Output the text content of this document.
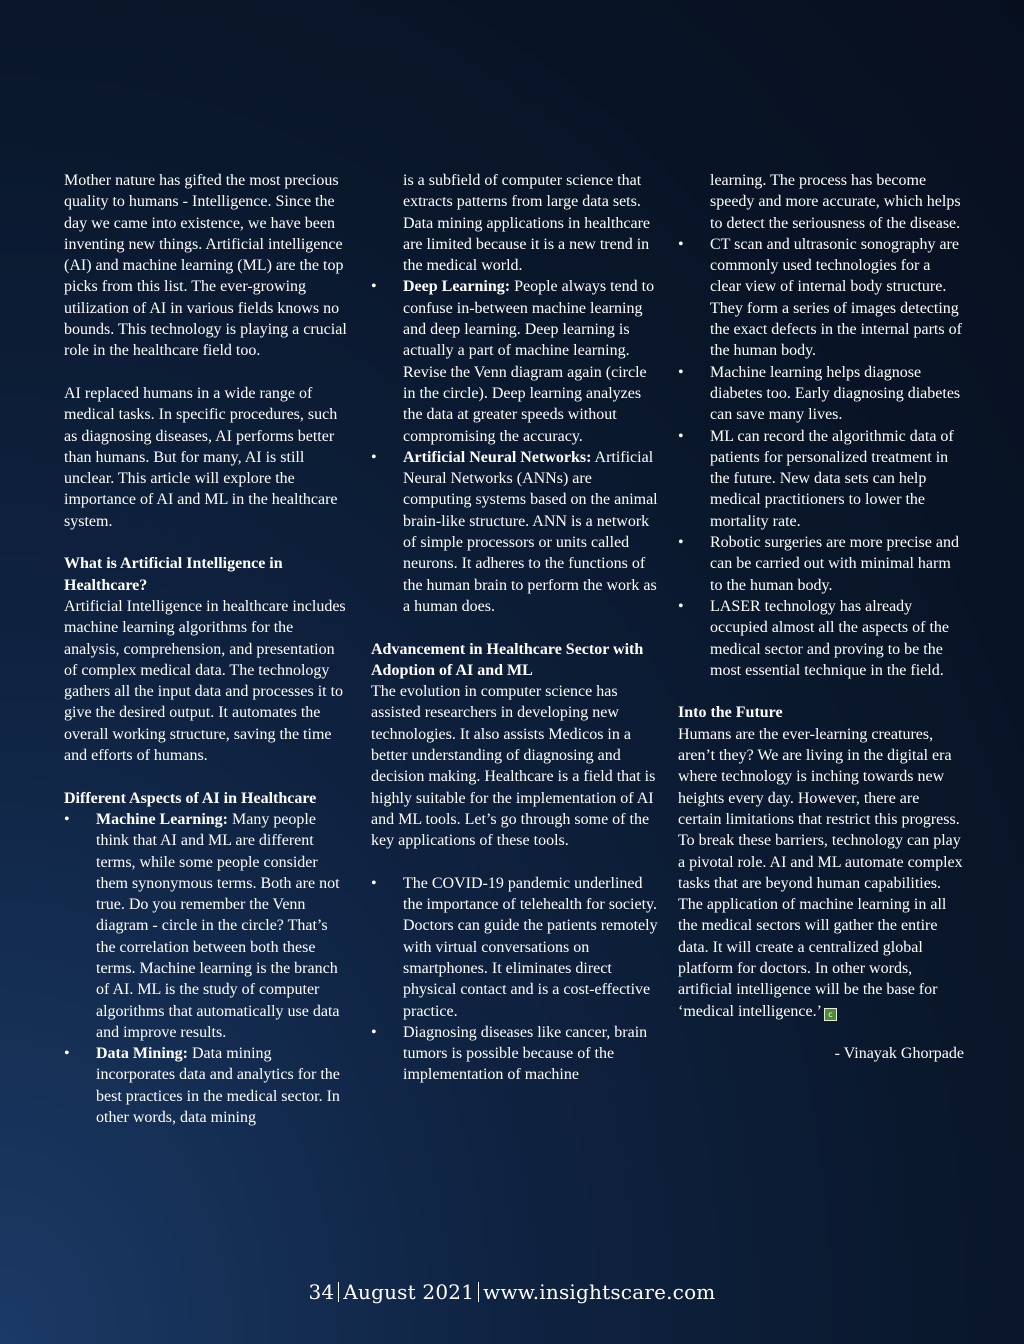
Mother nature has gifted the most precious quality to humans - Intelligence. Since the day we came into existence, we have been inventing new things. Artificial intelligence (AI) and machine learning (ML) are the top picks from this list. The ever-growing utilization of AI in various fields knows no bounds. This technology is playing a crucial role in the healthcare field too.

AI replaced humans in a wide range of medical tasks. In specific procedures, such as diagnosing diseases, AI performs better than humans. But for many, AI is still unclear. This article will explore the importance of AI and ML in the healthcare system.

What is Artificial Intelligence in Healthcare?

Artificial Intelligence in healthcare includes machine learning algorithms for the analysis, comprehension, and presentation of complex medical data. The technology gathers all the input data and processes it to give the desired output. It automates the overall working structure, saving the time and efforts of humans.

Different Aspects of AI in Healthcare

• Machine Learning: Many people think that AI and ML are different terms, while some people consider them synonymous terms. Both are not true. Do you remember the Venn diagram - circle in the circle? That’s the correlation between both these terms. Machine learning is the branch of AI. ML is the study of computer algorithms that automatically use data and improve results.
• Data Mining: Data mining incorporates data and analytics for the best practices in the medical sector. In other words, data mining
is a subfield of computer science that extracts patterns from large data sets. Data mining applications in healthcare are limited because it is a new trend in the medical world.
• Deep Learning: People always tend to confuse in-between machine learning and deep learning. Deep learning is actually a part of machine learning. Revise the Venn diagram again (circle in the circle). Deep learning analyzes the data at greater speeds without compromising the accuracy.
• Artificial Neural Networks: Artificial Neural Networks (ANNs) are computing systems based on the animal brain-like structure. ANN is a network of simple processors or units called neurons. It adheres to the functions of the human brain to perform the work as a human does.

Advancement in Healthcare Sector with Adoption of AI and ML

The evolution in computer science has assisted researchers in developing new technologies. It also assists Medicos in a better understanding of diagnosing and decision making. Healthcare is a field that is highly suitable for the implementation of AI and ML tools. Let’s go through some of the key applications of these tools.

• The COVID-19 pandemic underlined the importance of telehealth for society. Doctors can guide the patients remotely with virtual conversations on smartphones. It eliminates direct physical contact and is a cost-effective practice.
• Diagnosing diseases like cancer, brain tumors is possible because of the implementation of machine
learning. The process has become speedy and more accurate, which helps to detect the seriousness of the disease.
• CT scan and ultrasonic sonography are commonly used technologies for a clear view of internal body structure. They form a series of images detecting the exact defects in the internal parts of the human body.
• Machine learning helps diagnose diabetes too. Early diagnosing diabetes can save many lives.
• ML can record the algorithmic data of patients for personalized treatment in the future. New data sets can help medical practitioners to lower the mortality rate.
• Robotic surgeries are more precise and can be carried out with minimal harm to the human body.
• LASER technology has already occupied almost all the aspects of the medical sector and proving to be the most essential technique in the field.

Into the Future

Humans are the ever-learning creatures, aren’t they? We are living in the digital era where technology is inching towards new heights every day. However, there are certain limitations that restrict this progress. To break these barriers, technology can play a pivotal role. AI and ML automate complex tasks that are beyond human capabilities. The application of machine learning in all the medical sectors will gather the entire data. It will create a centralized global platform for doctors. In other words, artificial intelligence will be the base for ‘medical intelligence.’ c

- Vinayak Ghorpade

34 August 2021 www.insightscare.com
